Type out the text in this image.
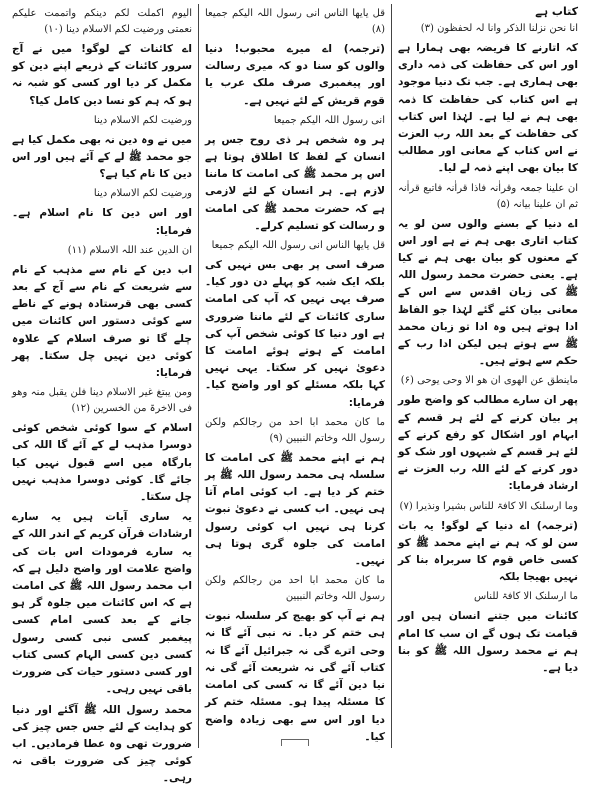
کتاب ہے
انا نحن نزلنا الذکر وانا لہ لحفظون (۳)
کہ اتارنے کا فریضہ بھی ہمارا ہے اور اس کی حفاظت کی ذمہ داری بھی ہماری ہے۔ جب تک دنیا موجود ہے اس کتاب کی حفاظت کا ذمہ بھی ہم نے لیا ہے۔ لہٰذا اس کتاب کی حفاظت کے بعد اللہ رب العزت نے اس کتاب کے معانی اور مطالب کا بیان بھی اپنے ذمہ لے لیا۔
ان علینا جمعہ وقراٰنہ فاذا قراٰنہ فاتبع قراٰنہ ثم ان علینا بیانہ (۵)
اے دنیا کے بسنے والوں سن لو یہ کتاب اتاری بھی ہم نے ہے اور اس کے معنوں کو بیان بھی ہم نے کیا ہے۔ یعنی حضرت محمد رسول اللہ ﷺ کی زبان اقدس سے اس کے معانی بیان کئے گئے لہٰذا جو الفاظ ادا ہوتے ہیں وہ ادا تو زبان محمد ﷺ سے ہوتے ہیں لیکن ادا رب کے حکم سے ہوتے ہیں۔
ماینطق عن الھوی ان ھو الا وحی یوحی (۶)
پھر ان سارے مطالب کو واضح طور پر بیان کرنے کے لئے ہر قسم کے ابہام اور اشکال کو رفع کرنے کے لئے ہر قسم کے شبہوں اور شک کو دور کرنے کے لئے اللہ رب العزت نے ارشاد فرمایا:
وما ارسلنک الا کافۃ للناس بشیرا ونذیرا (۷)
(ترجمہ) اے دنیا کے لوگو! یہ بات سن لو کہ ہم نے اپنے محمد ﷺ کو کسی خاص قوم کا سربراہ بنا کر نہیں بھیجا بلکہ
ما ارسلنک الا کافۃ للناس
کائنات میں جتنے انسان ہیں اور قیامت تک ہوں گے ان سب کا امام ہم نے محمد رسول اللہ ﷺ کو بنا دیا ہے۔
قل یایھا الناس انی رسول اللہ الیکم جمیعا (۸)
(ترجمہ) اے میرے محبوب! دنیا والوں کو سنا دو کہ میری رسالت اور پیغمبری صرف ملک عرب یا قوم قریش کے لئے نہیں ہے۔
انی رسول اللہ الیکم جمیعا
ہر وہ شخص ہر ذی روح جس پر انسان کے لفظ کا اطلاق ہوتا ہے اس پر محمد ﷺ کی امامت کا ماننا لازم ہے۔ ہر انسان کے لئے لازمی ہے کہ حضرت محمد ﷺ کی امامت و رسالت کو تسلیم کرلے۔
قل یایھا الناس انی رسول اللہ الیکم جمیعا
صرف اسی پر بھی بس نہیں کی بلکہ ایک شبہ کو پہلے دن دور کیا۔ صرف یہی نہیں کہ آپ کی امامت ساری کائنات کے لئے ماننا ضروری ہے اور دنیا کا کوئی شخص آپ کی امامت کے ہوتے ہوئے امامت کا دعویٰ نہیں کر سکتا۔ یہی نہیں کہا بلکہ مسئلے کو اور واضح کیا۔ فرمایا:
ما کان محمد ابا احد من رجالکم ولکن رسول اللہ وخاتم النبیین (۹)
ہم نے اپنے محمد ﷺ کی امامت کا سلسلہ ہی محمد رسول اللہ ﷺ پر ختم کر دیا ہے۔ اب کوئی امام آتا ہی نہیں۔ اب کسی نے دعویٰ نبوت کرنا ہی نہیں اب کوئی رسول امامت کی جلوہ گری ہوتا ہی نہیں۔
ما کان محمد ابا احد من رجالکم ولکن رسول اللہ وخاتم النبیین
ہم نے آپ کو بھیج کر سلسلہ نبوت ہی ختم کر دیا۔ نہ نبی آئے گا نہ وحی اترے گی نہ جبرائیل آئے گا نہ کتاب آئے گی نہ شریعت آئے گی نہ نیا دین آئے گا نہ کسی کی امامت کا مسئلہ پیدا ہو۔ مسئلہ ختم کر دیا اور اس سے بھی زیادہ واضح کیا۔
الیوم اکملت لکم دینکم واتممت علیکم نعمتی ورضیت لکم الاسلام دینا (۱۰)
اے کائنات کے لوگو! میں نے آج سرور کائنات کے ذریعے اپنے دین کو مکمل کر دیا اور کسی کو شبہ نہ ہو کہ ہم کو نسا دین کامل کیا؟
ورضیت لکم الاسلام دینا
میں نے وہ دین نہ بھی مکمل کیا ہے جو محمد ﷺ لے کے آئے ہیں اور اس دین کا نام کیا ہے؟
ورضیت لکم الاسلام دینا
اور اس دین کا نام اسلام ہے۔ فرمایا:
ان الدین عند اللہ الاسلام (۱۱)
اب دین کے نام سے مذہب کے نام سے شریعت کے نام سے آج کے بعد کسی بھی قرستادہ ہونے کے ناطے سے کوئی دستور اس کائنات میں چلے گا تو صرف اسلام کے علاوہ کوئی دین نہیں چل سکتا۔ پھر فرمایا:
ومن یبتغ غیر الاسلام دینا فلن یقبل منہ وھو فی الاخرۃ من الخسرین (۱۲)
اسلام کے سوا کوئی شخص کوئی دوسرا مذہب لے کے آئے گا اللہ کی بارگاہ میں اسے قبول نہیں کیا جائے گا۔ کوئی دوسرا مذہب نہیں چل سکتا۔
یہ ساری آیات ہیں یہ سارے ارشادات قرآن کریم کے اندر اللہ کے یہ سارے فرمودات اس بات کی واضح علامت اور واضح دلیل ہے کہ اب محمد رسول اللہ ﷺ کی امامت ہے کہ اس کائنات میں جلوہ گر ہو جانے کے بعد کسی امام کسی پیغمبر کسی نبی کسی رسول کسی دین کسی الہام کسی کتاب اور کسی دستور حیات کی ضرورت باقی نہیں رہی۔
محمد رسول اللہ ﷺ آگئے اور دنیا کو ہدایت کے لئے جس جس چیز کی ضرورت تھی وہ عطا فرمادیں۔ اب کوئی چیز کی ضرورت باقی نہ رہی۔
